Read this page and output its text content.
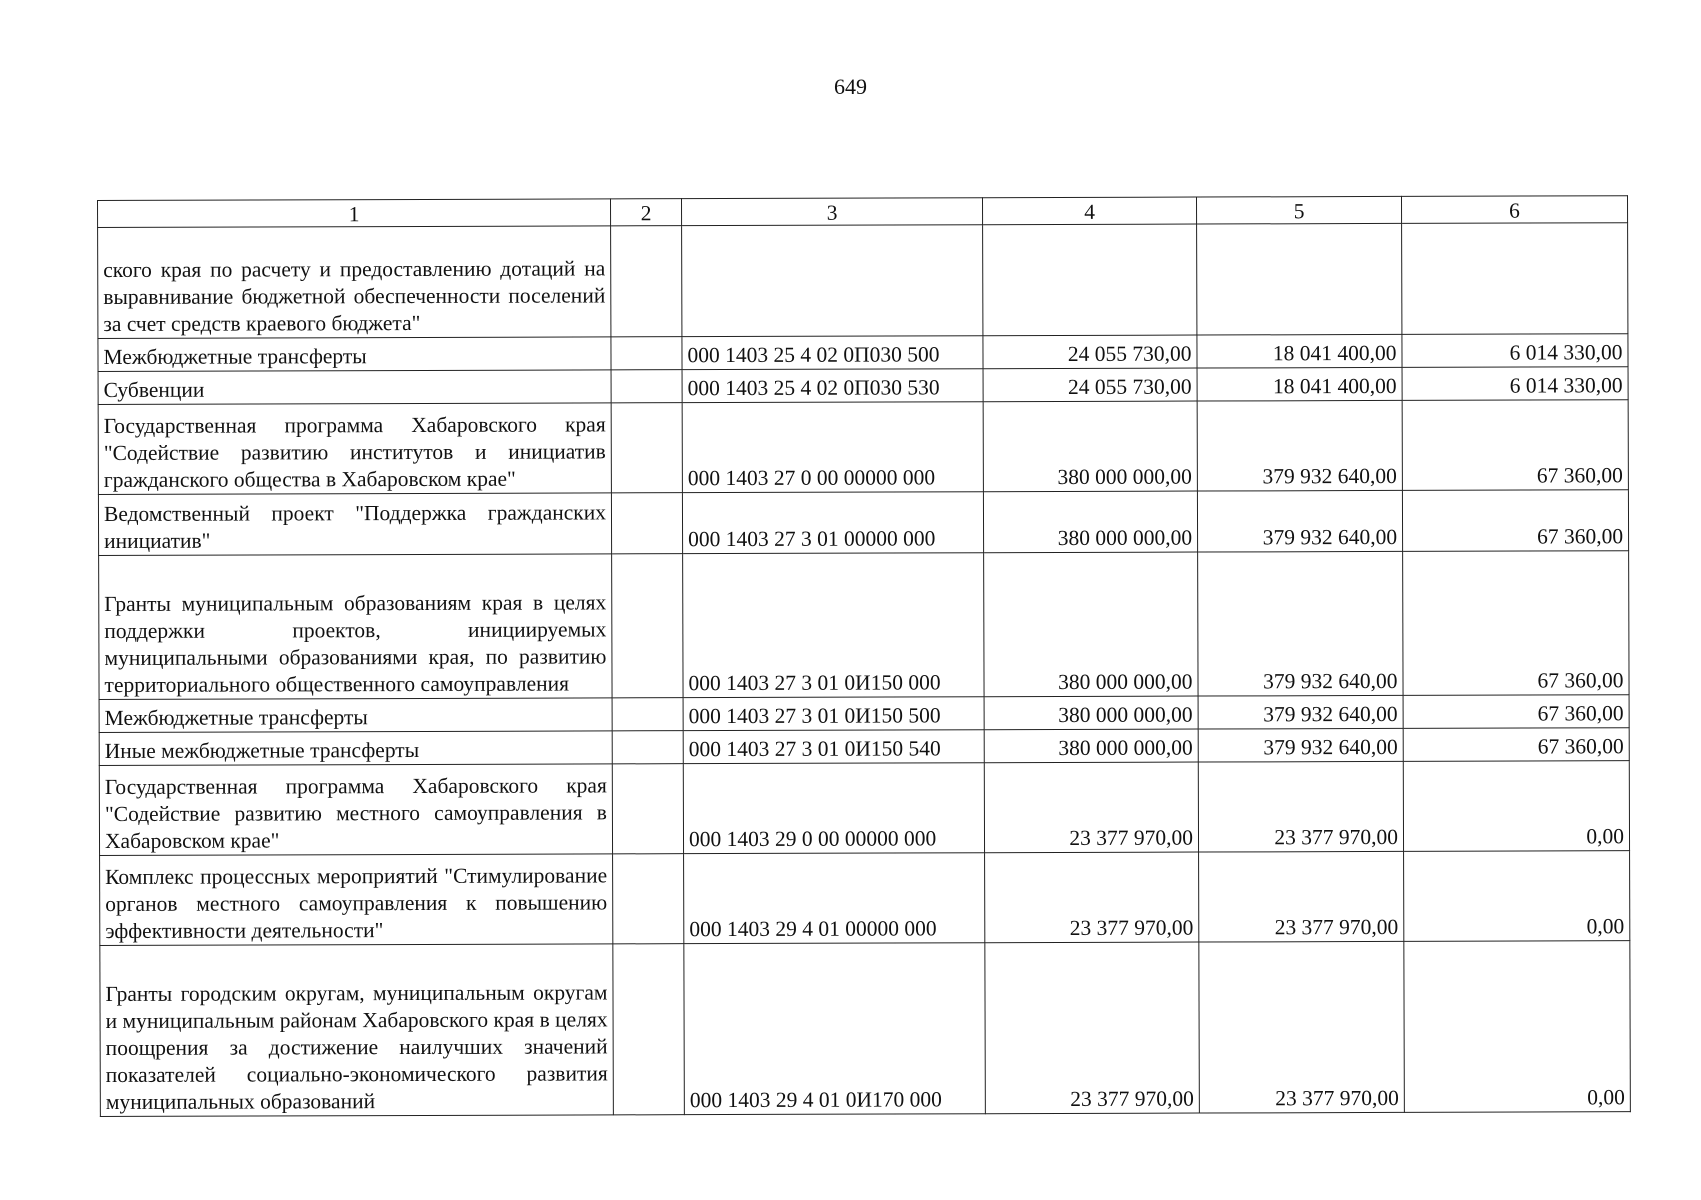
649
1	2	3	4	5	6
ского края по расчету и предоставлению дотаций на выравнивание бюджетной обеспеченности поселений за счет средств краевого бюджета"					
Межбюджетные трансферты		000 1403 25 4 02 0П030 500	24 055 730,00	18 041 400,00	6 014 330,00
Субвенции		000 1403 25 4 02 0П030 530	24 055 730,00	18 041 400,00	6 014 330,00
Государственная программа Хабаровского края "Содействие развитию институтов и инициатив гражданского общества в Хабаровском крае"		000 1403 27 0 00 00000 000	380 000 000,00	379 932 640,00	67 360,00
Ведомственный проект "Поддержка гражданских инициатив"		000 1403 27 3 01 00000 000	380 000 000,00	379 932 640,00	67 360,00
Гранты муниципальным образованиям края в целях поддержки проектов, инициируемых муниципальными образованиями края, по развитию территориального общественного самоуправления		000 1403 27 3 01 0И150 000	380 000 000,00	379 932 640,00	67 360,00
Межбюджетные трансферты		000 1403 27 3 01 0И150 500	380 000 000,00	379 932 640,00	67 360,00
Иные межбюджетные трансферты		000 1403 27 3 01 0И150 540	380 000 000,00	379 932 640,00	67 360,00
Государственная программа Хабаровского края "Содействие развитию местного самоуправления в Хабаровском крае"		000 1403 29 0 00 00000 000	23 377 970,00	23 377 970,00	0,00
Комплекс процессных мероприятий "Стимулирование органов местного самоуправления к повышению эффективности деятельности"		000 1403 29 4 01 00000 000	23 377 970,00	23 377 970,00	0,00
Гранты городским округам, муниципальным округам и муниципальным районам Хабаровского края в целях поощрения за достижение наилучших значений показателей социально-экономического развития муниципальных образований		000 1403 29 4 01 0И170 000	23 377 970,00	23 377 970,00	0,00
